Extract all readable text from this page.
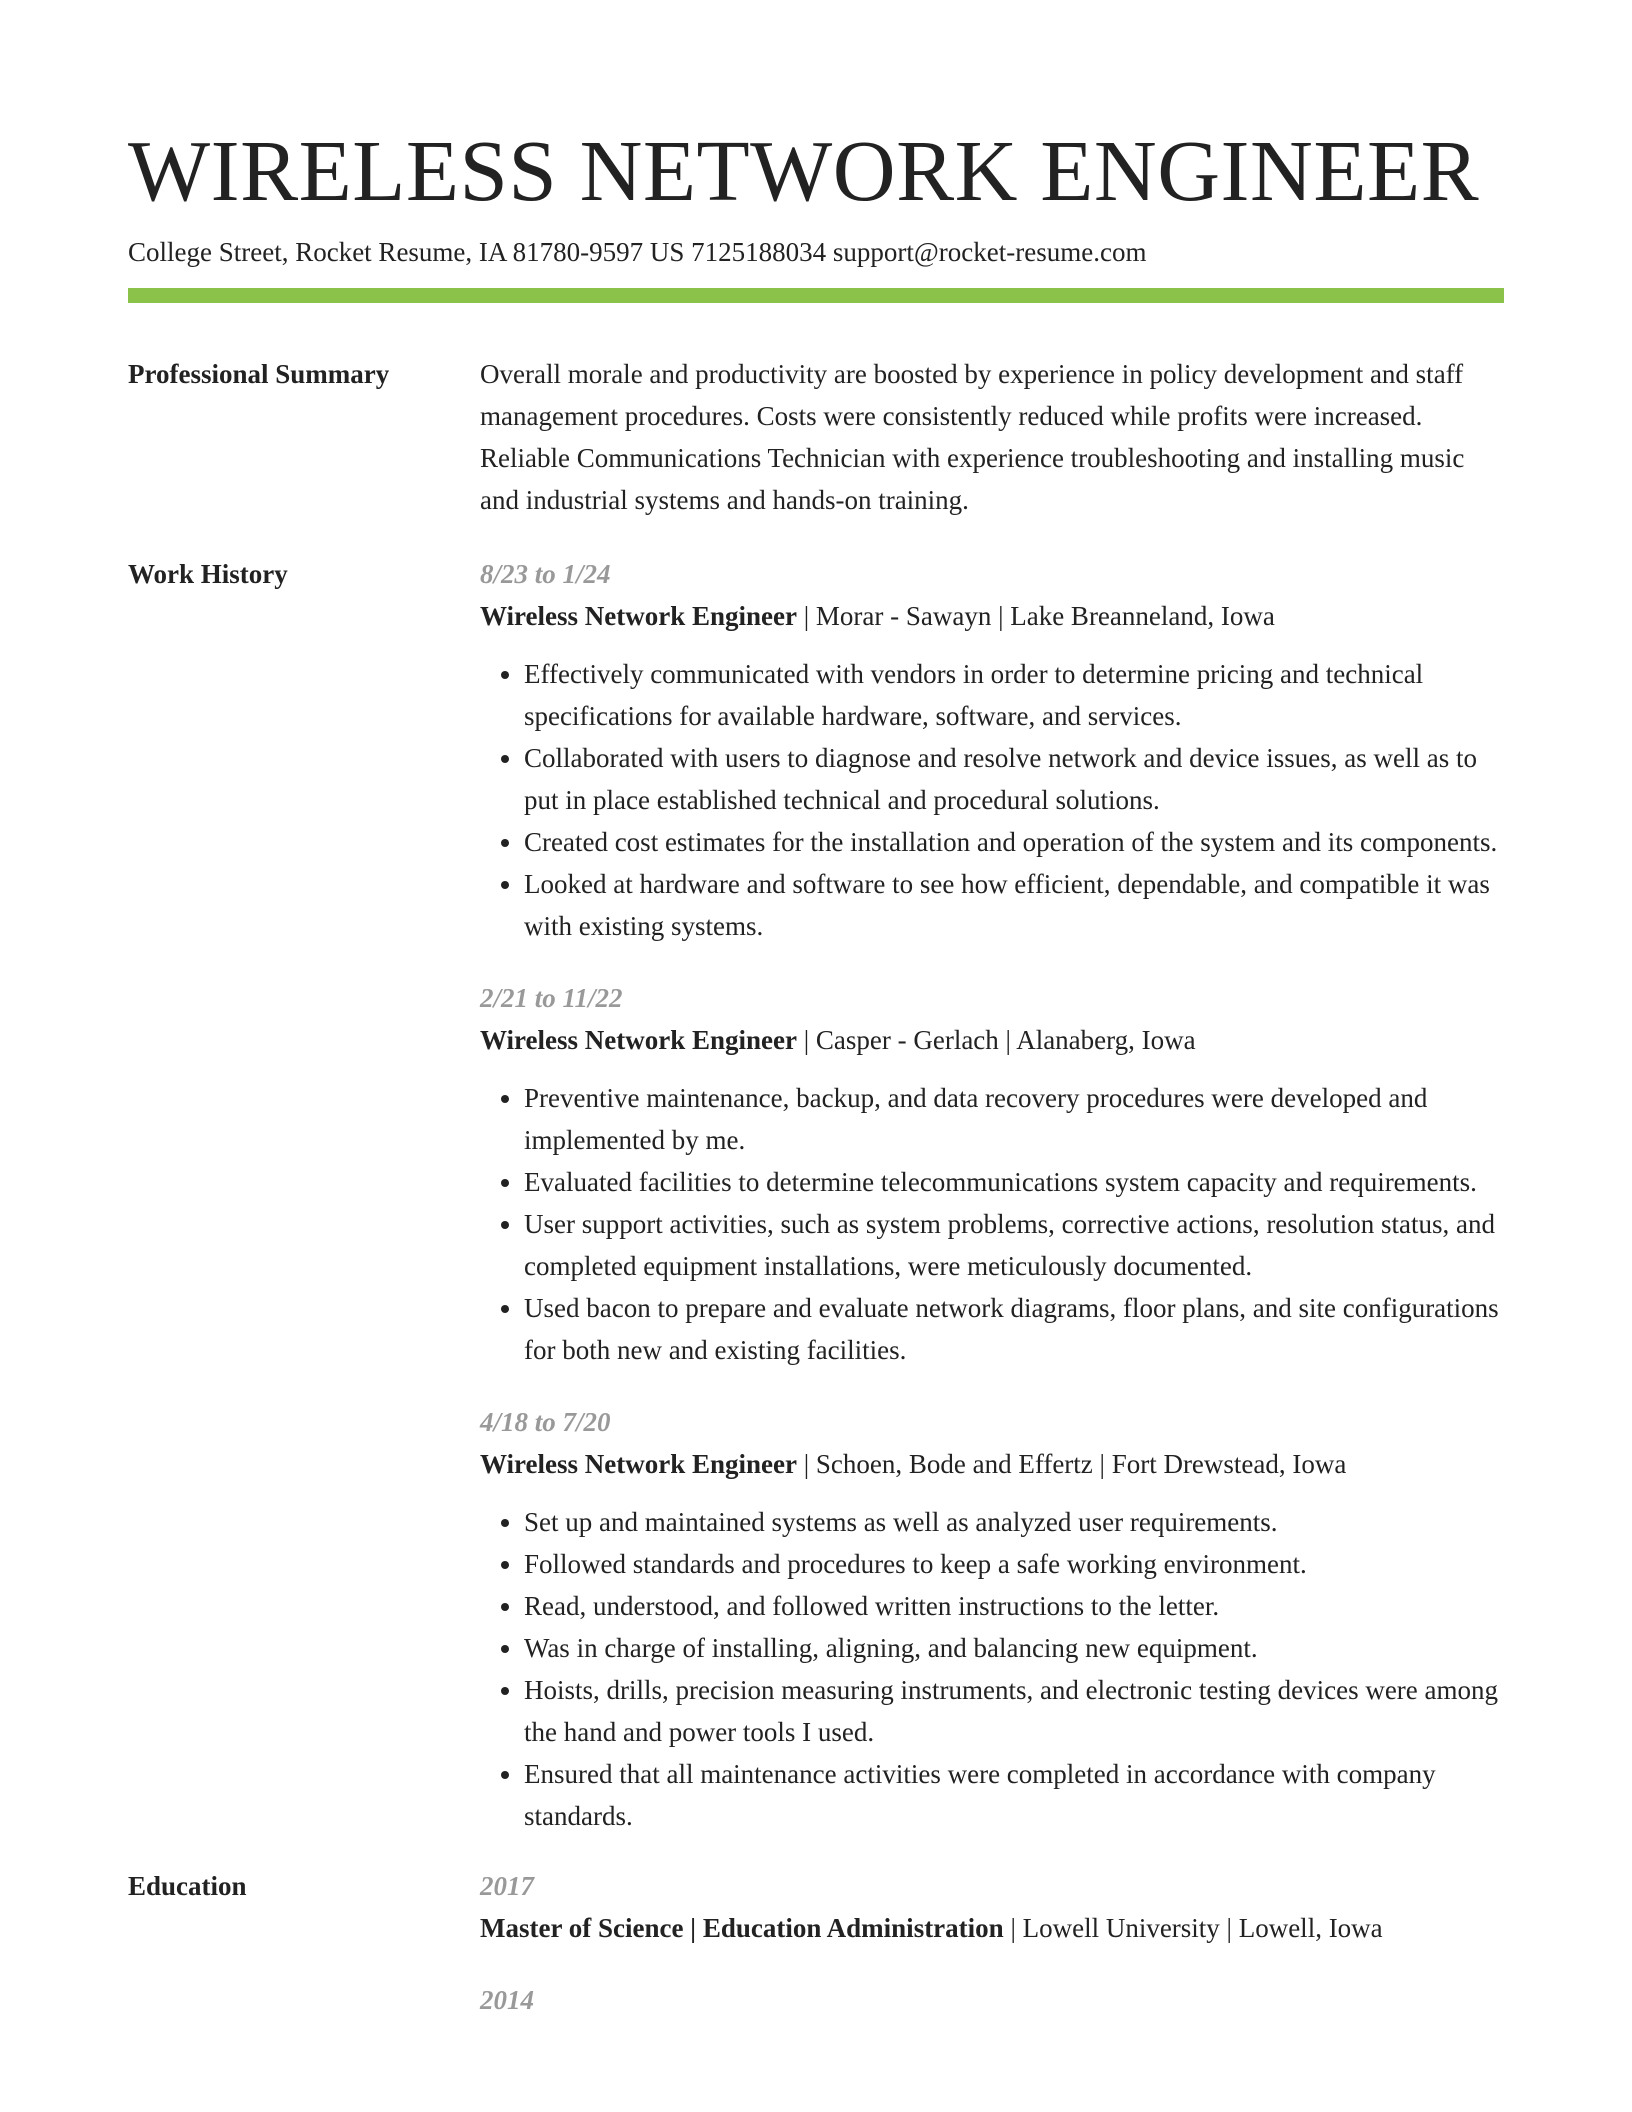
WIRELESS NETWORK ENGINEER
College Street, Rocket Resume, IA 81780-9597 US 7125188034 support@rocket-resume.com
Professional Summary	Overall morale and productivity are boosted by experience in policy development and staff management procedures. Costs were consistently reduced while profits were increased. Reliable Communications Technician with experience troubleshooting and installing music and industrial systems and hands-on training.
Work History	8/23 to 1/24
Wireless Network Engineer | Morar - Sawayn | Lake Breanneland, Iowa
• Effectively communicated with vendors in order to determine pricing and technical specifications for available hardware, software, and services.
• Collaborated with users to diagnose and resolve network and device issues, as well as to put in place established technical and procedural solutions.
• Created cost estimates for the installation and operation of the system and its components.
• Looked at hardware and software to see how efficient, dependable, and compatible it was with existing systems.
2/21 to 11/22
Wireless Network Engineer | Casper - Gerlach | Alanaberg, Iowa
• Preventive maintenance, backup, and data recovery procedures were developed and implemented by me.
• Evaluated facilities to determine telecommunications system capacity and requirements.
• User support activities, such as system problems, corrective actions, resolution status, and completed equipment installations, were meticulously documented.
• Used bacon to prepare and evaluate network diagrams, floor plans, and site configurations for both new and existing facilities.
4/18 to 7/20
Wireless Network Engineer | Schoen, Bode and Effertz | Fort Drewstead, Iowa
• Set up and maintained systems as well as analyzed user requirements.
• Followed standards and procedures to keep a safe working environment.
• Read, understood, and followed written instructions to the letter.
• Was in charge of installing, aligning, and balancing new equipment.
• Hoists, drills, precision measuring instruments, and electronic testing devices were among the hand and power tools I used.
• Ensured that all maintenance activities were completed in accordance with company standards.
Education	2017
Master of Science | Education Administration | Lowell University | Lowell, Iowa
2014
